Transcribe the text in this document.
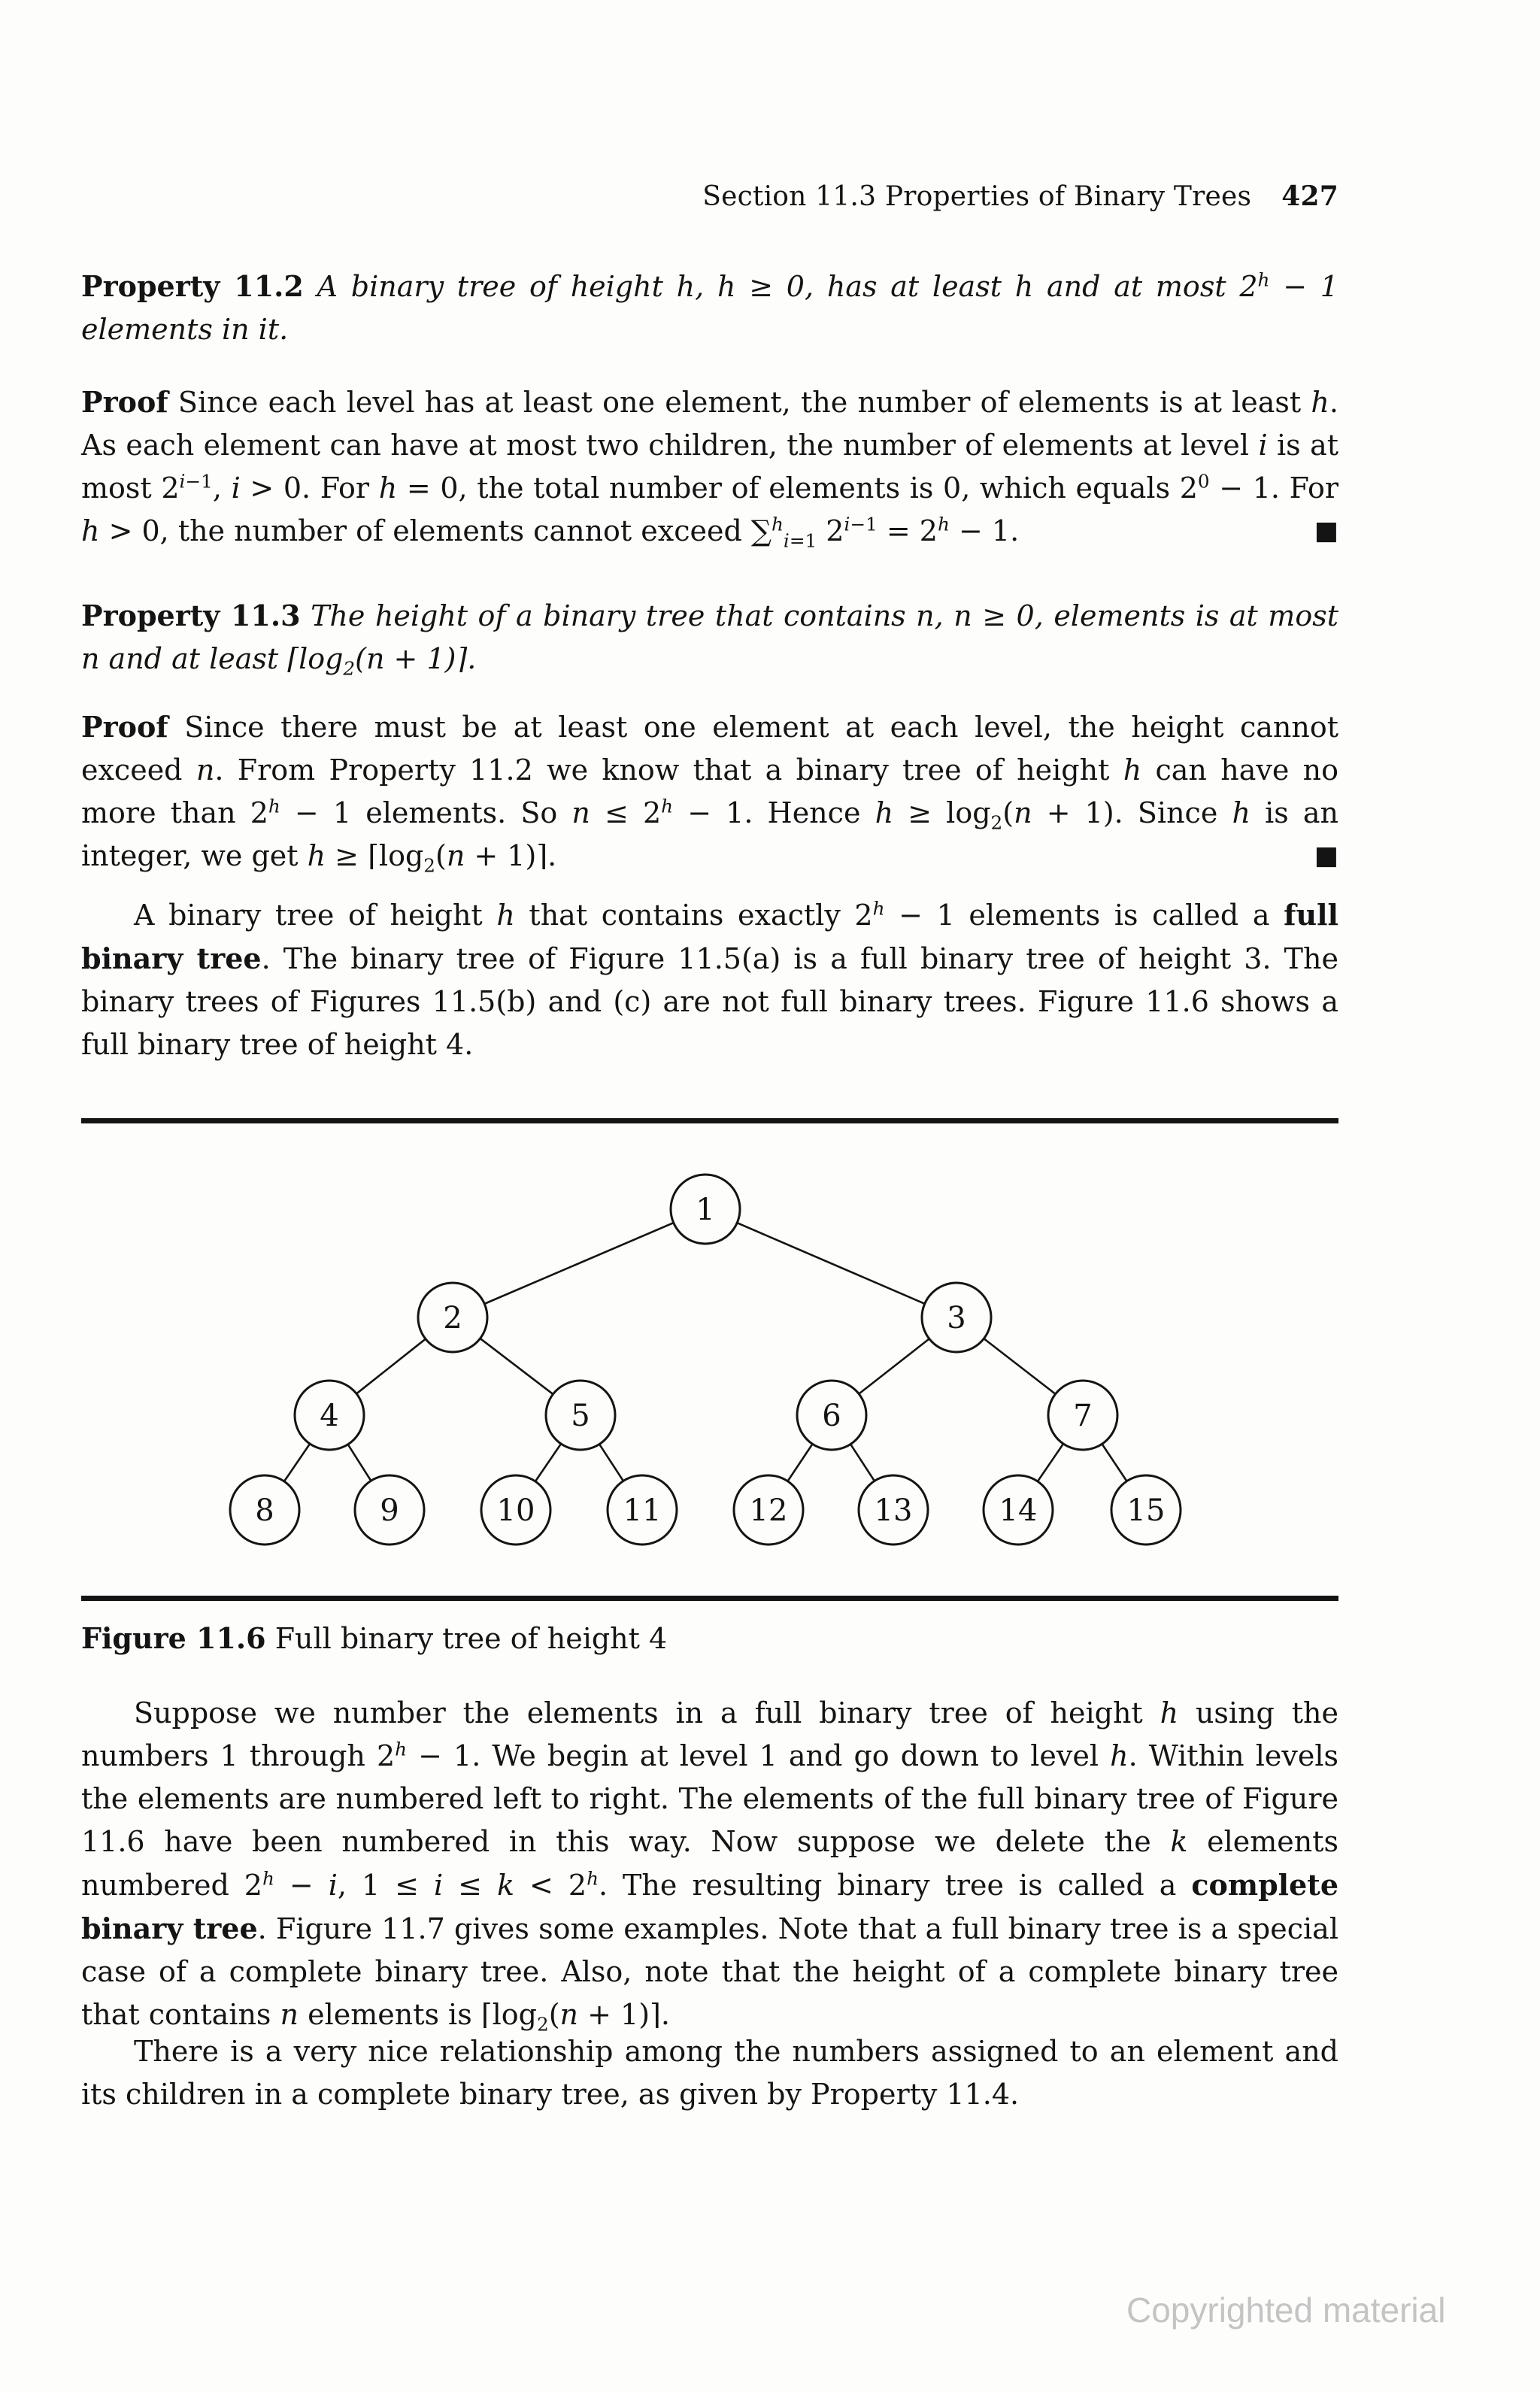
Section 11.3 Properties of Binary Trees 427
Property 11.2 A binary tree of height h, h ≥ 0, has at least h and at most $2^h - 1$ elements in it.
Proof Since each level has at least one element, the number of elements is at least h. As each element can have at most two children, the number of elements at level i is at most $2^{i-1}$, i > 0. For h = 0, the total number of elements is 0, which equals $2^0 - 1$. For h > 0, the number of elements cannot exceed ∑$^h_{i=1}$ $2^{i-1} = 2^h - 1$.	■
Property 11.3 The height of a binary tree that contains n, n ≥ 0, elements is at most n and at least $⌈\log_2(n$ + 1)⌉.
Proof Since there must be at least one element at each level, the height cannot exceed n. From Property 11.2 we know that a binary tree of height h can have no more than $2^h - 1$ elements. So $n \le 2^h - 1$. Hence $h \ge \log_2(n + 1)$. Since h is an integer, we get $h \ge ⌈\log_2(n$ + 1)⌉.	■
A binary tree of height h that contains exactly $2^h - 1$ elements is called a full binary tree. The binary tree of Figure 11.5(a) is a full binary tree of height 3. The binary trees of Figures 11.5(b) and (c) are not full binary trees. Figure 11.6 shows a full binary tree of height 4.
1
2	3
4	5	6	7
8	9	10	11	12	13	14	15
Figure 11.6 Full binary tree of height 4
Suppose we number the elements in a full binary tree of height h using the numbers 1 through $2^h - 1$. We begin at level 1 and go down to level h. Within levels the elements are numbered left to right. The elements of the full binary tree of Figure 11.6 have been numbered in this way. Now suppose we delete the k elements numbered $2^h - i$, $1 \le i \le k < 2^h$. The resulting binary tree is called a complete binary tree. Figure 11.7 gives some examples. Note that a full binary tree is a special case of a complete binary tree. Also, note that the height of a complete binary tree that contains n elements is $⌈\log_2(n$ + 1)⌉.
There is a very nice relationship among the numbers assigned to an element and its children in a complete binary tree, as given by Property 11.4.
Copyrighted material
